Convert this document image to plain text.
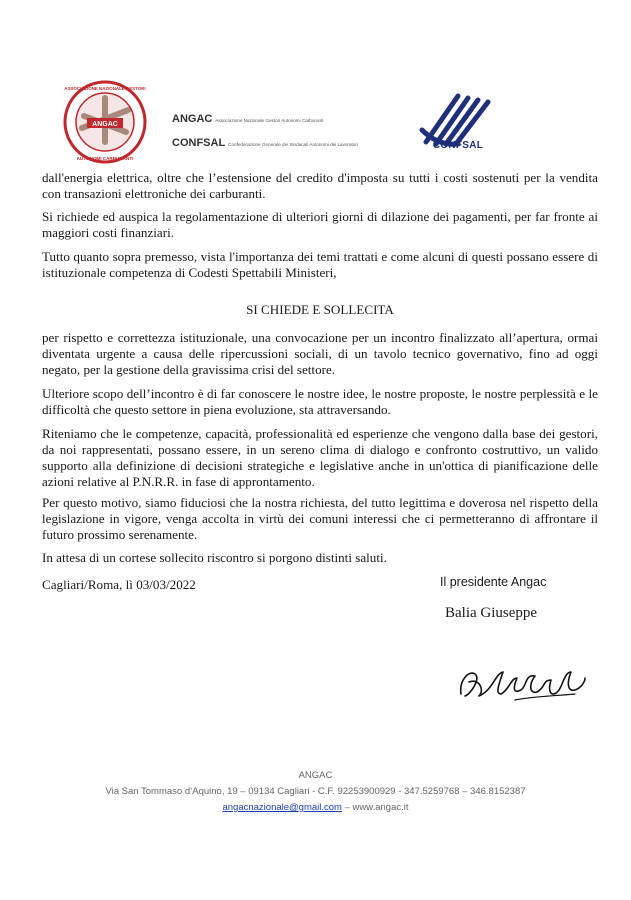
ANGAC
ASSOCIAZIONE NAZIONALE GESTORI
AUTONOMI CARBURANTI
ANGAC Associazione Nazionale Gestori Autonomi Carburanti
CONFSAL Confederazione Generale dei Sindacati Autonomi dei Lavoratori	CONFSAL

dall'energia elettrica, oltre che l’estensione del credito d'imposta su tutti i costi sostenuti per la vendita con transazioni elettroniche dei carburanti.

Si richiede ed auspica la regolamentazione di ulteriori giorni di dilazione dei pagamenti, per far fronte ai maggiori costi finanziari.

Tutto quanto sopra premesso, vista l'importanza dei temi trattati e come alcuni di questi possano essere di istituzionale competenza di Codesti Spettabili Ministeri,

SI CHIEDE E SOLLECITA

per rispetto e correttezza istituzionale, una convocazione per un incontro finalizzato all’apertura, ormai diventata urgente a causa delle ripercussioni sociali, di un tavolo tecnico governativo, fino ad oggi negato, per la gestione della gravissima crisi del settore.

Ulteriore scopo dell’incontro è di far conoscere le nostre idee, le nostre proposte, le nostre perplessità e le difficoltà che questo settore in piena evoluzione, sta attraversando.

Riteniamo che le competenze, capacità, professionalità ed esperienze che vengono dalla base dei gestori, da noi rappresentati, possano essere, in un sereno clima di dialogo e confronto costruttivo, un valido supporto alla definizione di decisioni strategiche e legislative anche in un'ottica di pianificazione delle azioni relative al P.N.R.R. in fase di approntamento.

Per questo motivo, siamo fiduciosi che la nostra richiesta, del tutto legittima e doverosa nel rispetto della legislazione in vigore, venga accolta in virtù dei comuni interessi che ci permetteranno di affrontare il futuro prossimo serenamente.

In attesa di un cortese sollecito riscontro si porgono distinti saluti.

Cagliari/Roma, lì 03/03/2022	Il presidente Angac
Balia Giuseppe
ANGAC
Via San Tommaso d’Aquino, 19 – 09134 Cagliari - C.F. 92253900929 - 347.5259768 – 346.8152387
angacnazionale@gmail.com – www.angac.it
